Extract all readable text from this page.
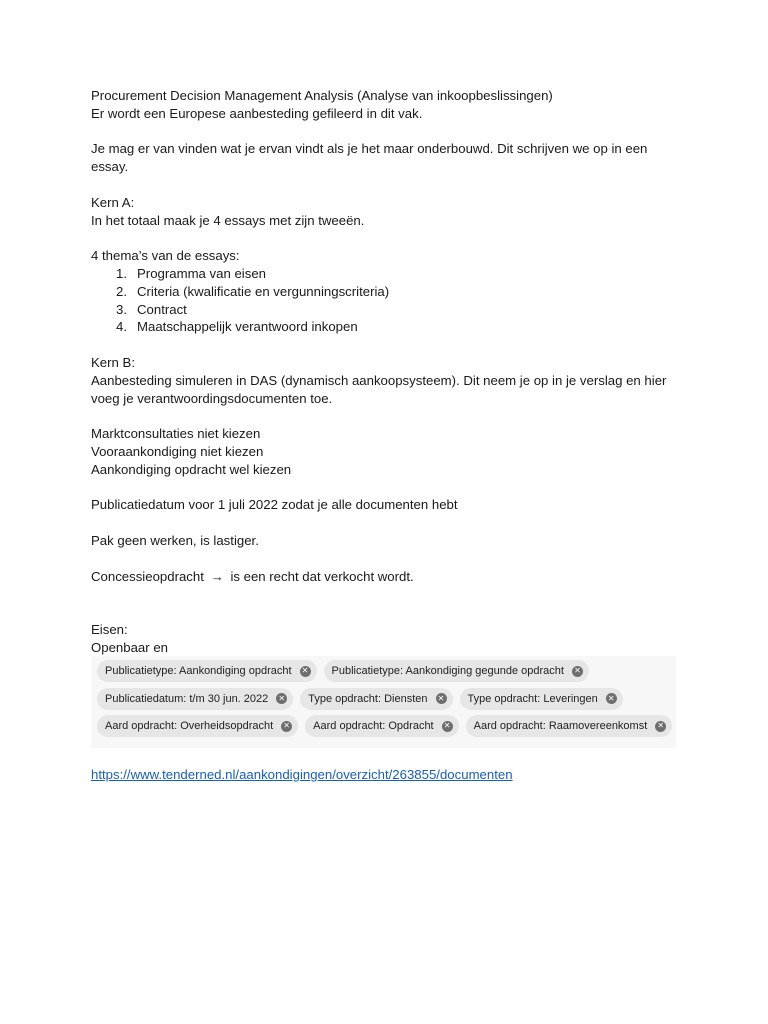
Procurement Decision Management Analysis (Analyse van inkoopbeslissingen)

Er wordt een Europese aanbesteding gefileerd in dit vak.

Je mag er van vinden wat je ervan vindt als je het maar onderbouwd. Dit schrijven we op in een essay.

Kern A:

In het totaal maak je 4 essays met zijn tweeën.

4 thema’s van de essays:

1. Programma van eisen
2. Criteria (kwalificatie en vergunningscriteria)
3. Contract
4. Maatschappelijk verantwoord inkopen

Kern B:

Aanbesteding simuleren in DAS (dynamisch aankoopsysteem). Dit neem je op in je verslag en hier voeg je verantwoordingsdocumenten toe.

Marktconsultaties niet kiezen

Vooraankondiging niet kiezen

Aankondiging opdracht wel kiezen

Publicatiedatum voor 1 juli 2022 zodat je alle documenten hebt

Pak geen werken, is lastiger.

Concessieopdracht → is een recht dat verkocht wordt.

Eisen:

Openbaar en

Publicatietype: Aankondiging opdracht ✕ Publicatietype: Aankondiging gegunde opdracht ✕
Publicatiedatum: t/m 30 jun. 2022 ✕ Type opdracht: Diensten ✕ Type opdracht: Leveringen ✕
Aard opdracht: Overheidsopdracht ✕ Aard opdracht: Opdracht ✕ Aard opdracht: Raamovereenkomst ✕
https://www.tenderned.nl/aankondigingen/overzicht/263855/documenten
